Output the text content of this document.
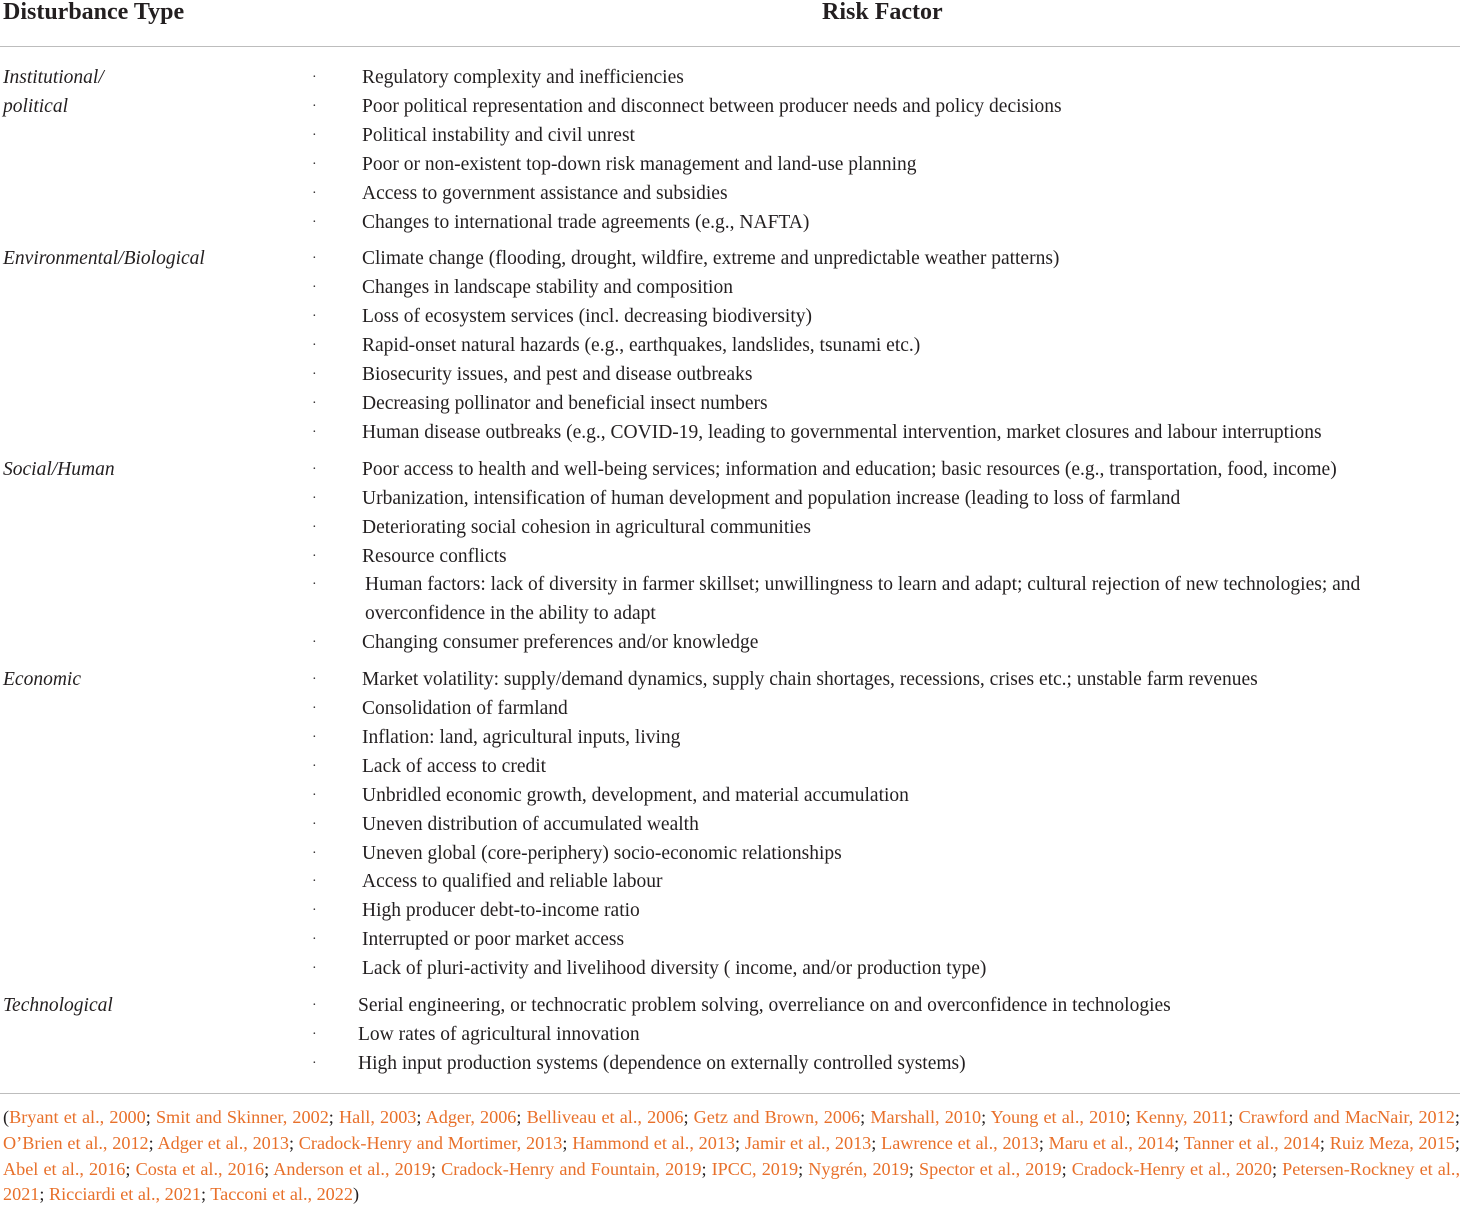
Disturbance Type	Risk Factor
Institutional/
political
· Regulatory complexity and inefficiencies
· Poor political representation and disconnect between producer needs and policy decisions
· Political instability and civil unrest
· Poor or non-existent top-down risk management and land-use planning
· Access to government assistance and subsidies
· Changes to international trade agreements (e.g., NAFTA)
Environmental/Biological	· Climate change (flooding, drought, wildfire, extreme and unpredictable weather patterns)
· Changes in landscape stability and composition
· Loss of ecosystem services (incl. decreasing biodiversity)
· Rapid-onset natural hazards (e.g., earthquakes, landslides, tsunami etc.)
· Biosecurity issues, and pest and disease outbreaks
· Decreasing pollinator and beneficial insect numbers
· Human disease outbreaks (e.g., COVID-19, leading to governmental intervention, market closures and labour interruptions
Social/Human	· Poor access to health and well-being services; information and education; basic resources (e.g., transportation, food, income)
· Urbanization, intensification of human development and population increase (leading to loss of farmland
· Deteriorating social cohesion in agricultural communities
· Resource conflicts
· Human factors: lack of diversity in farmer skillset; unwillingness to learn and adapt; cultural rejection of new technologies; and overconfidence in the ability to adapt
· Changing consumer preferences and/or knowledge
Economic	· Market volatility: supply/demand dynamics, supply chain shortages, recessions, crises etc.; unstable farm revenues
· Consolidation of farmland
· Inflation: land, agricultural inputs, living
· Lack of access to credit
· Unbridled economic growth, development, and material accumulation
· Uneven distribution of accumulated wealth
· Uneven global (core-periphery) socio-economic relationships
· Access to qualified and reliable labour
· High producer debt-to-income ratio
· Interrupted or poor market access
· Lack of pluri-activity and livelihood diversity ( income, and/or production type)
Technological	· Serial engineering, or technocratic problem solving, overreliance on and overconfidence in technologies
· Low rates of agricultural innovation
· High input production systems (dependence on externally controlled systems)
(Bryant et al., 2000; Smit and Skinner, 2002; Hall, 2003; Adger, 2006; Belliveau et al., 2006; Getz and Brown, 2006; Marshall, 2010; Young et al., 2010; Kenny, 2011; Crawford and MacNair, 2012; O’Brien et al., 2012; Adger et al., 2013; Cradock-Henry and Mortimer, 2013; Hammond et al., 2013; Jamir et al., 2013; Lawrence et al., 2013; Maru et al., 2014; Tanner et al., 2014; Ruiz Meza, 2015; Abel et al., 2016; Costa et al., 2016; Anderson et al., 2019; Cradock-Henry and Fountain, 2019; IPCC, 2019; Nygrén, 2019; Spector et al., 2019; Cradock-Henry et al., 2020; Petersen-Rockney et al., 2021; Ricciardi et al., 2021; Tacconi et al., 2022)
